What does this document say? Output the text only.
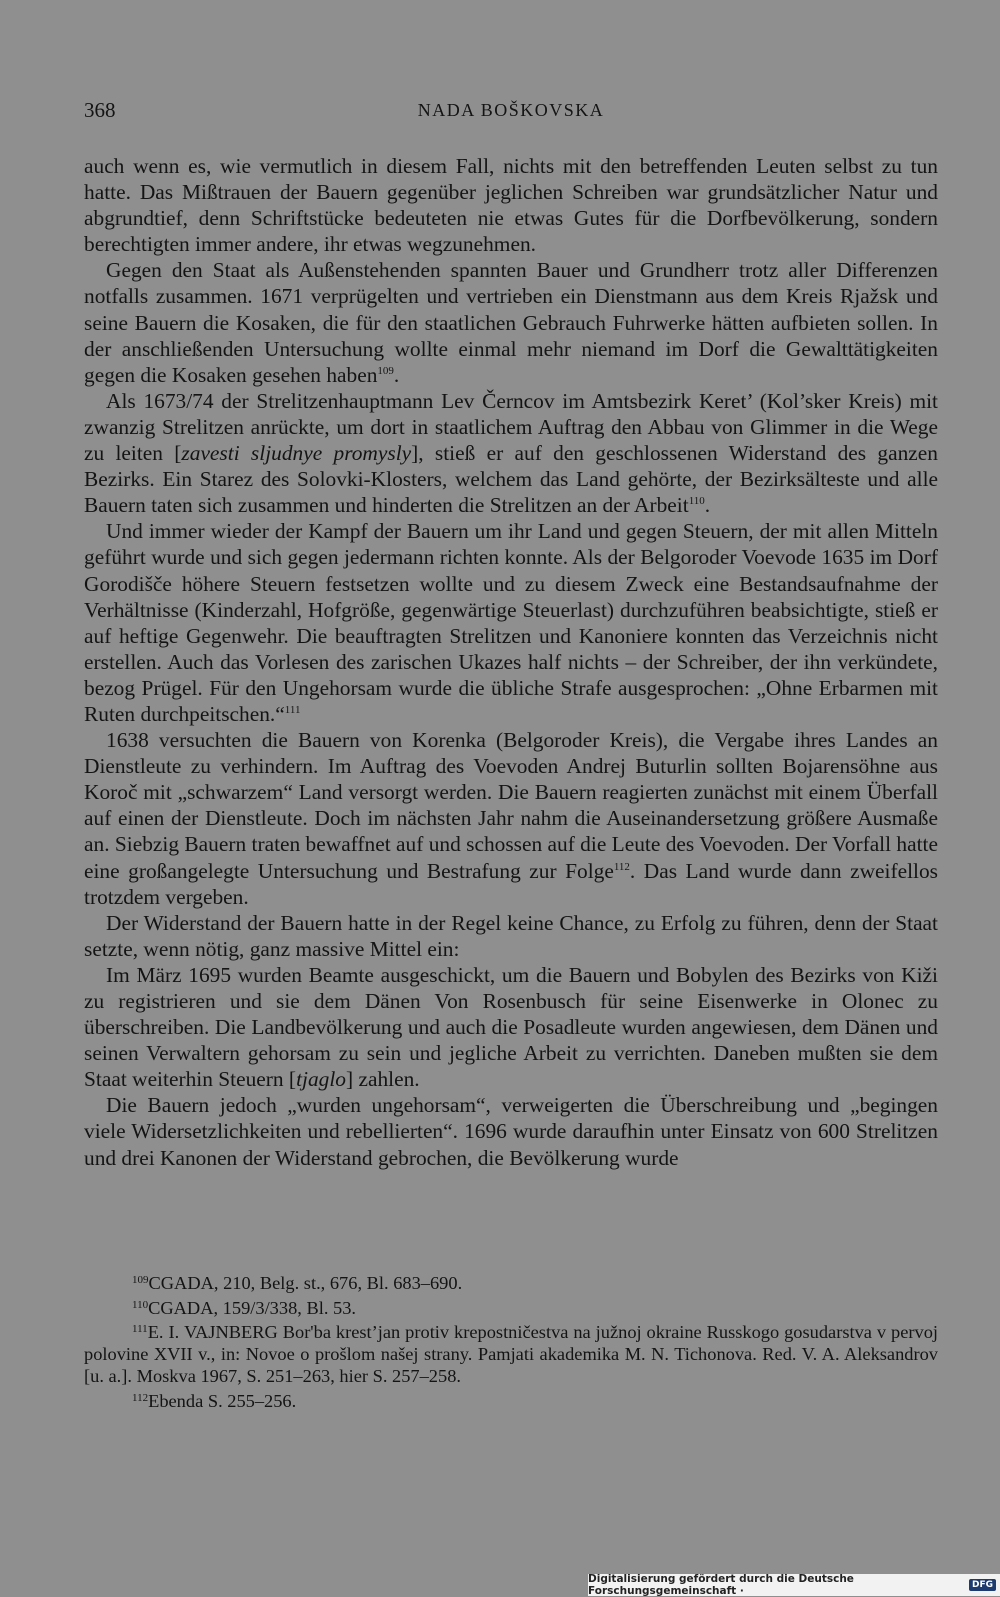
368	NADA BOŠKOVSKA

auch wenn es, wie vermutlich in diesem Fall, nichts mit den betreffenden Leuten selbst zu tun hatte. Das Mißtrauen der Bauern gegenüber jeglichen Schreiben war grundsätzlicher Natur und abgrundtief, denn Schriftstücke bedeuteten nie etwas Gutes für die Dorfbevölkerung, sondern berechtigten immer andere, ihr etwas wegzunehmen.

Gegen den Staat als Außenstehenden spannten Bauer und Grundherr trotz aller Differenzen notfalls zusammen. 1671 verprügelten und vertrieben ein Dienstmann aus dem Kreis Rjažsk und seine Bauern die Kosaken, die für den staatlichen Gebrauch Fuhrwerke hätten aufbieten sollen. In der anschließenden Untersuchung wollte einmal mehr niemand im Dorf die Gewalttätigkeiten gegen die Kosaken gesehen haben$^{109}$.

Als 1673/74 der Strelitzenhauptmann Lev Černcov im Amtsbezirk Keret’ (Kol’sker Kreis) mit zwanzig Strelitzen anrückte, um dort in staatlichem Auftrag den Abbau von Glimmer in die Wege zu leiten [zavesti sljudnye promysly], stieß er auf den geschlossenen Widerstand des ganzen Bezirks. Ein Starez des Solovki-Klosters, welchem das Land gehörte, der Bezirksälteste und alle Bauern taten sich zusammen und hinderten die Strelitzen an der Arbeit$^{110}$.

Und immer wieder der Kampf der Bauern um ihr Land und gegen Steuern, der mit allen Mitteln geführt wurde und sich gegen jedermann richten konnte. Als der Belgoroder Voevode 1635 im Dorf Gorodišče höhere Steuern festsetzen wollte und zu diesem Zweck eine Bestandsaufnahme der Verhältnisse (Kinderzahl, Hofgröße, gegenwärtige Steuerlast) durchzuführen beabsichtigte, stieß er auf heftige Gegenwehr. Die beauftragten Strelitzen und Kanoniere konnten das Verzeichnis nicht erstellen. Auch das Vorlesen des zarischen Ukazes half nichts – der Schreiber, der ihn verkündete, bezog Prügel. Für den Ungehorsam wurde die übliche Strafe ausgesprochen: „Ohne Erbarmen mit Ruten durchpeitschen.“$^{111}$

1638 versuchten die Bauern von Korenka (Belgoroder Kreis), die Vergabe ihres Landes an Dienstleute zu verhindern. Im Auftrag des Voevoden Andrej Buturlin sollten Bojarensöhne aus Koroč mit „schwarzem“ Land versorgt werden. Die Bauern reagierten zunächst mit einem Überfall auf einen der Dienstleute. Doch im nächsten Jahr nahm die Auseinandersetzung größere Ausmaße an. Siebzig Bauern traten bewaffnet auf und schossen auf die Leute des Voevoden. Der Vorfall hatte eine großangelegte Untersuchung und Bestrafung zur Folge$^{112}$. Das Land wurde dann zweifellos trotzdem vergeben.

Der Widerstand der Bauern hatte in der Regel keine Chance, zu Erfolg zu führen, denn der Staat setzte, wenn nötig, ganz massive Mittel ein:

Im März 1695 wurden Beamte ausgeschickt, um die Bauern und Bobylen des Bezirks von Kiži zu registrieren und sie dem Dänen Von Rosenbusch für seine Eisenwerke in Olonec zu überschreiben. Die Landbevölkerung und auch die Posadleute wurden angewiesen, dem Dänen und seinen Verwaltern gehorsam zu sein und jegliche Arbeit zu verrichten. Daneben mußten sie dem Staat weiterhin Steuern [tjaglo] zahlen.

Die Bauern jedoch „wurden ungehorsam“, verweigerten die Überschreibung und „begingen viele Widersetzlichkeiten und rebellierten“. 1696 wurde daraufhin unter Einsatz von 600 Strelitzen und drei Kanonen der Widerstand gebrochen, die Bevölkerung wurde

109CGADA, 210, Belg. st., 676, Bl. 683–690.

110CGADA, 159/3/338, Bl. 53.

111E. I. VAJNBERG Bor'ba krest’jan protiv krepostničestva na južnoj okraine Russkogo gosudarstva v pervoj polovine XVII v., in: Novoe o prošlom našej strany. Pamjati akademika M. N. Tichonova. Red. V. A. Aleksandrov [u. a.]. Moskva 1967, S. 251–263, hier S. 257–258.

112Ebenda S. 255–256.

Digitalisierung gefördert durch die Deutsche Forschungsgemeinschaft ·	DFG
